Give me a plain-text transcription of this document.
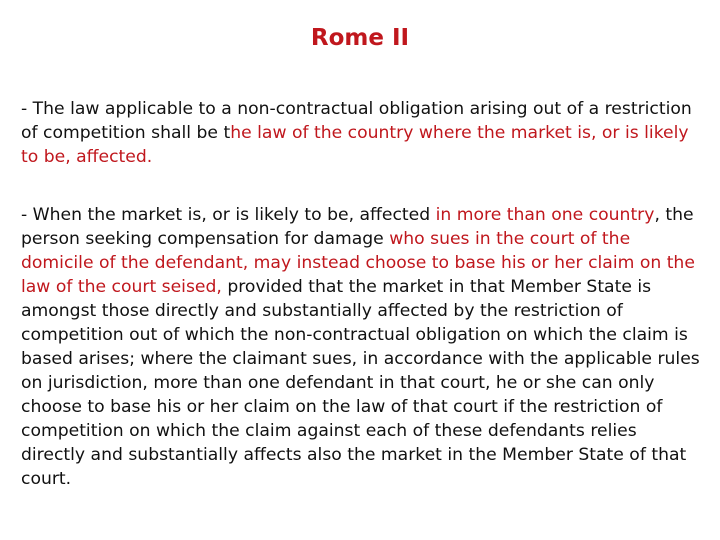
Rome II

- The law applicable to a non-contractual obligation arising out of a restriction of competition shall be the law of the country where the market is, or is likely to be, affected.

- When the market is, or is likely to be, affected in more than one country, the person seeking compensation for damage who sues in the court of the domicile of the defendant, may instead choose to base his or her claim on the law of the court seised, provided that the market in that Member State is amongst those directly and substantially affected by the restriction of competition out of which the non-contractual obligation on which the claim is based arises; where the claimant sues, in accordance with the applicable rules on jurisdiction, more than one defendant in that court, he or she can only choose to base his or her claim on the law of that court if the restriction of competition on which the claim against each of these defendants relies directly and substantially affects also the market in the Member State of that court.
